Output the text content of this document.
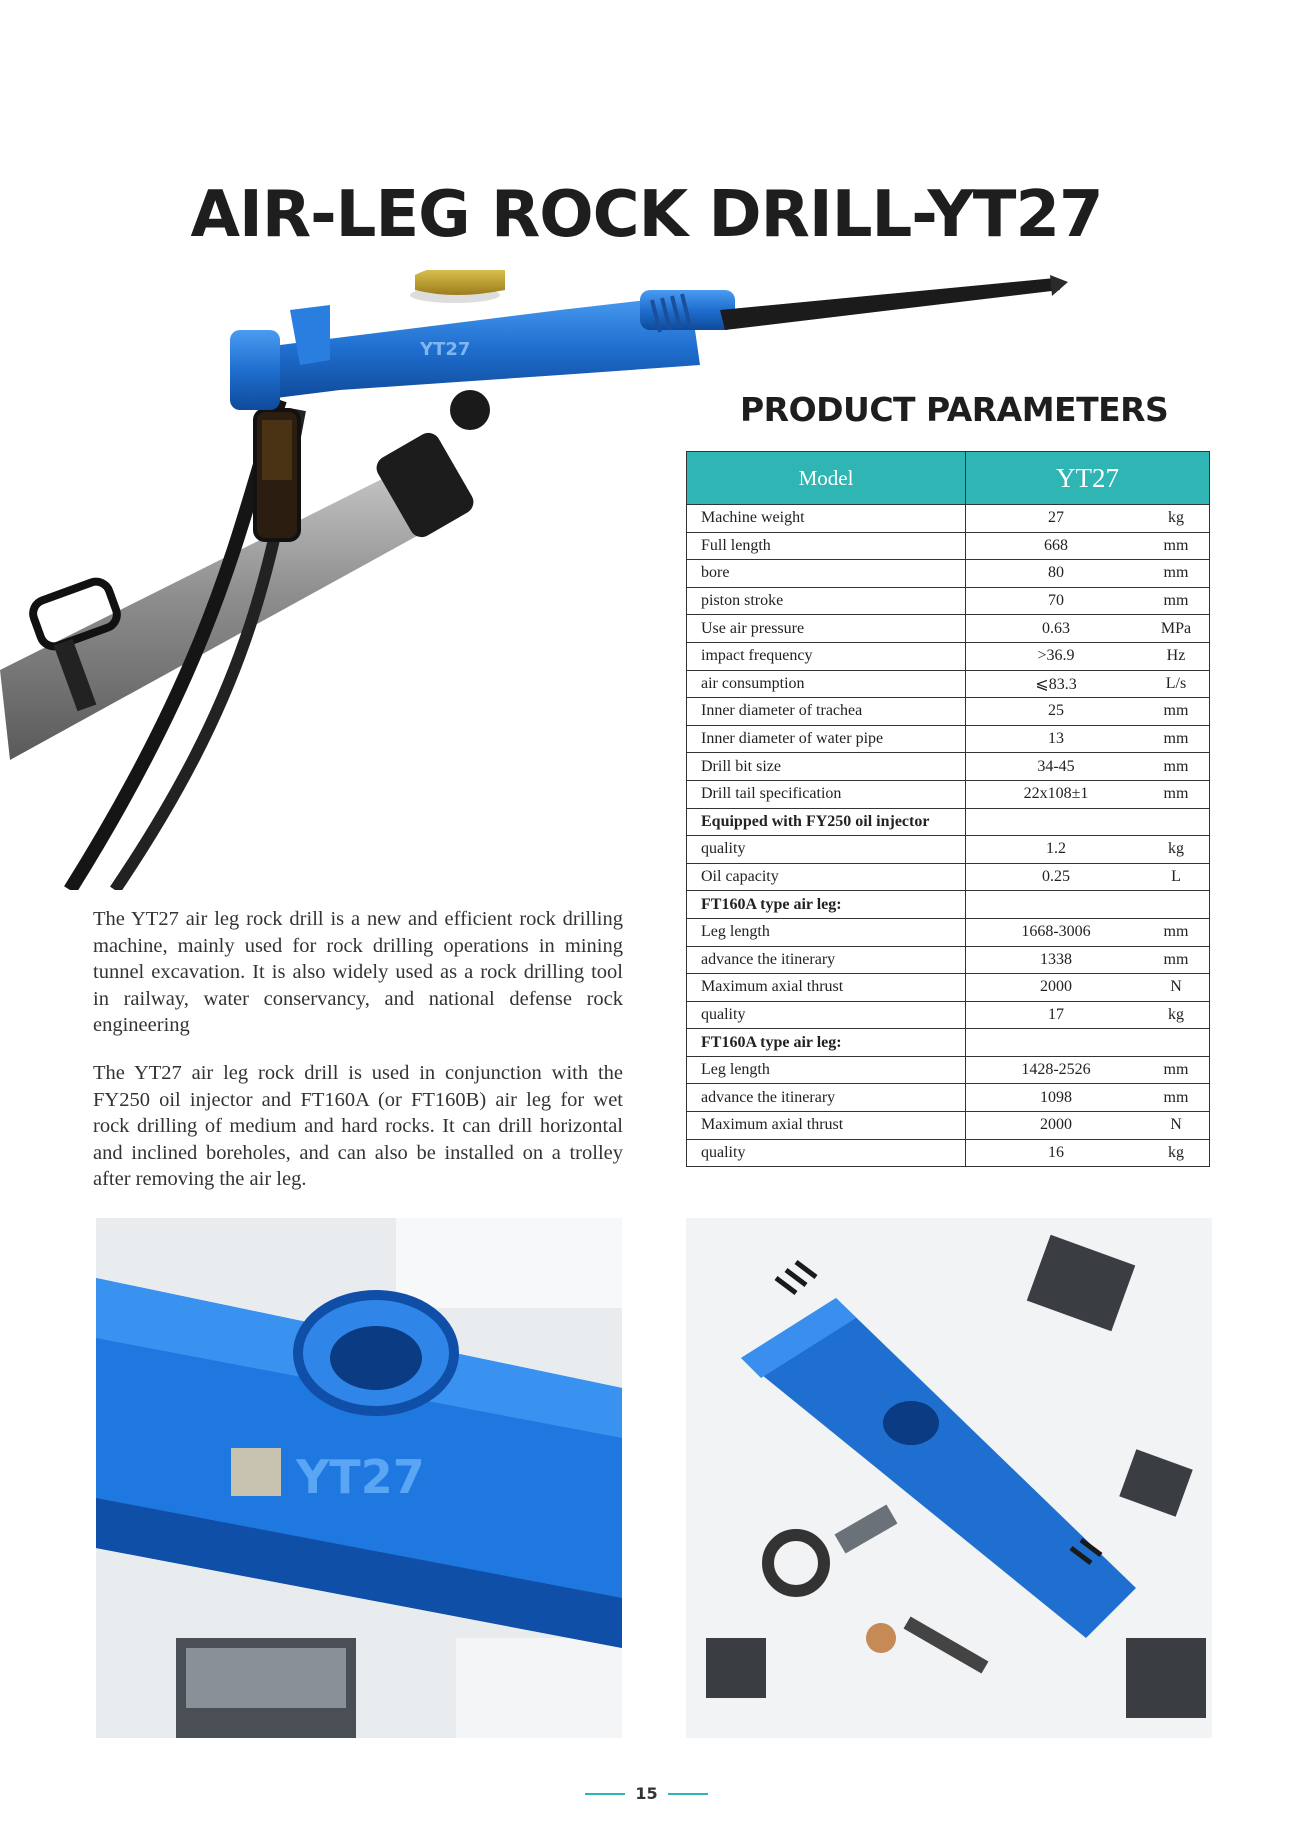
AIR-LEG ROCK DRILL-YT27
YT27
PRODUCT PARAMETERS
Model	YT27
Machine weight	27 kg

Full length	668 mm

bore	80 mm

piston stroke	70 mm

Use air pressure	0.63 MPa

impact frequency	>36.9 Hz

air consumption	⩽83.3 L/s

Inner diameter of trachea	25 mm

Inner diameter of water pipe	13 mm

Drill bit size	34-45 mm

Drill tail specification	22x108±1 mm

Equipped with FY250 oil injector	

quality	1.2 kg

Oil capacity	0.25 L

FT160A type air leg:	

Leg length	1668-3006 mm

advance the itinerary	1338 mm

Maximum axial thrust	2000 N

quality	17 kg

FT160A type air leg:	

Leg length	1428-2526 mm

advance the itinerary	1098 mm

Maximum axial thrust	2000 N

quality	16 kg

The YT27 air leg rock drill is a new and efficient rock drilling machine, mainly used for rock drilling operations in mining tunnel excavation. It is also widely used as a rock drilling tool in railway, water conservancy, and national defense rock engineering

The YT27 air leg rock drill is used in conjunction with the FY250 oil injector and FT160A (or FT160B) air leg for wet rock drilling of medium and hard rocks. It can drill horizontal and inclined boreholes, and can also be installed on a trolley after removing the air leg.

YT27
15
